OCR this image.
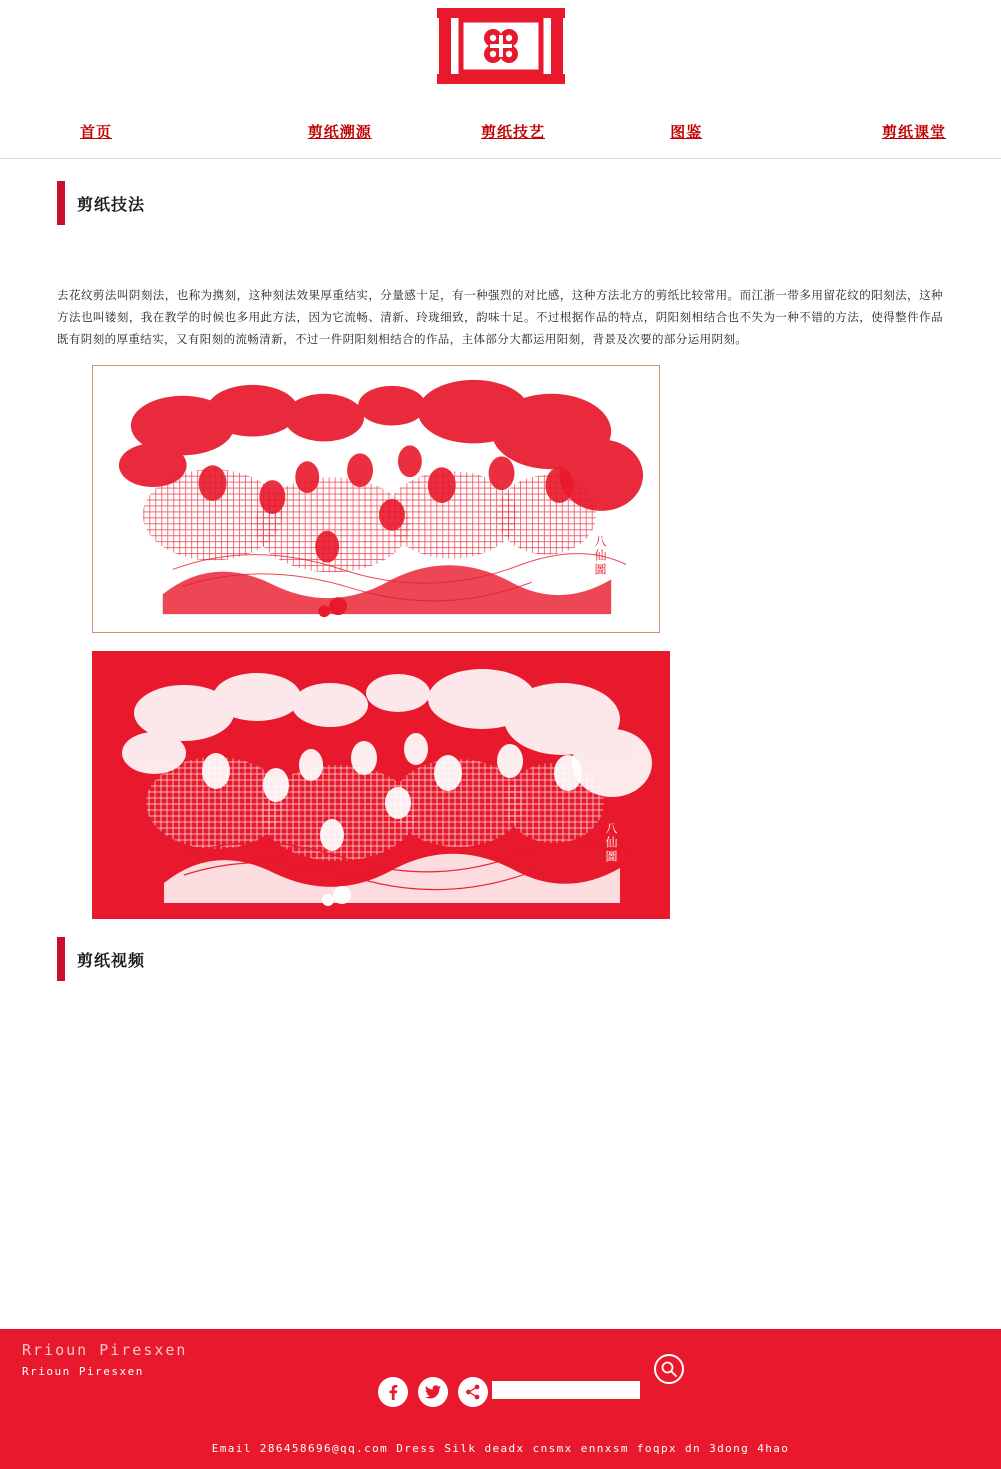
首页	剪纸溯源	剪纸技艺	图鉴	剪纸课堂
剪纸技法
去花纹剪法叫阴刻法，也称为携刻，这种刻法效果厚重结实，分量感十足，有一种强烈的对比感，这种方法北方的剪纸比较常用。而江浙一带多用留花纹的阳刻法，这种方法也叫镂刻，我在教学的时候也多用此方法，因为它流畅、清新、玲珑细致，韵味十足。不过根据作品的特点，阴阳刻相结合也不失为一种不错的方法，使得整件作品既有阴刻的厚重结实，又有阳刻的流畅清新，不过一件阴阳刻相结合的作品，主体部分大都运用阳刻，背景及次要的部分运用阴刻。
八仙圖
八仙圖
剪纸视频
Rrioun Piresxen
Rrioun Piresxen
Email 286458696@qq.com Dress Silk deadx cnsmx ennxsm foqpx dn 3dong 4hao
